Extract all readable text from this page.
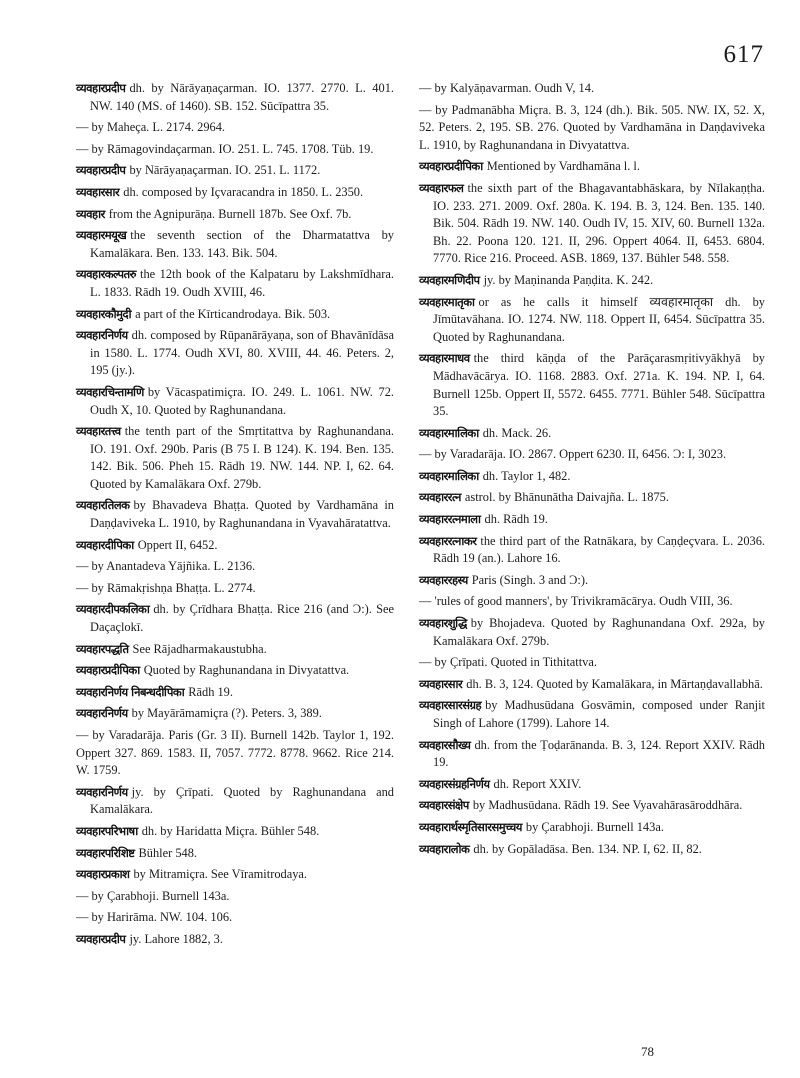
617

व्यवहारप्रदीप dh. by Nārāyaṇaçarman. IO. 1377. 2770. L. 401. NW. 140 (MS. of 1460). SB. 152. Sūcīpattra 35.

— by Maheça. L. 2174. 2964.

— by Rāmagovindaçarman. IO. 251. L. 745. 1708. Tüb. 19.

व्यवहारप्रदीप by Nārāyaṇaçarman. IO. 251. L. 1172.

व्यवहारसार dh. composed by Içvaracandra in 1850. L. 2350.

व्यवहार from the Agnipurāṇa. Burnell 187b. See Oxf. 7b.

व्यवहारमयूख the seventh section of the Dharmatattva by Kamalākara. Ben. 133. 143. Bik. 504.

व्यवहारकल्पतरु the 12th book of the Kalpataru by Lakshmīdhara. L. 1833. Rādh 19. Oudh XVIII, 46.

व्यवहारकौमुदी a part of the Kīrticandrodaya. Bik. 503.

व्यवहारनिर्णय dh. composed by Rūpanārāyaṇa, son of Bhavānīdāsa in 1580. L. 1774. Oudh XVI, 80. XVIII, 44. 46. Peters. 2, 195 (jy.).

व्यवहारचिन्तामणि by Vācaspatimiçra. IO. 249. L. 1061. NW. 72. Oudh X, 10. Quoted by Raghunandana.

व्यवहारतत्त्व the tenth part of the Smṛtitattva by Raghunandana. IO. 191. Oxf. 290b. Paris (B 75 I. B 124). K. 194. Ben. 135. 142. Bik. 506. Pheh 15. Rādh 19. NW. 144. NP. I, 62. 64. Quoted by Kamalākara Oxf. 279b.

व्यवहारतिलक by Bhavadeva Bhaṭṭa. Quoted by Vardhamāna in Daṇḍaviveka L. 1910, by Raghunandana in Vyavahāratattva.

व्यवहारदीपिका Oppert II, 6452.

— by Anantadeva Yājñika. L. 2136.

— by Rāmakṛishṇa Bhaṭṭa. L. 2774.

व्यवहारदीपकलिका dh. by Çrīdhara Bhaṭṭa. Rice 216 (and Ɔ:). See Daçaçlokī.

व्यवहारपद्धति See Rājadharmakaustubha.

व्यवहारप्रदीपिका Quoted by Raghunandana in Divyatattva.

व्यवहारनिर्णय निबन्धदीपिका Rādh 19.

व्यवहारनिर्णय by Mayārāmamiçra (?). Peters. 3, 389.

— by Varadarāja. Paris (Gr. 3 II). Burnell 142b. Taylor 1, 192. Oppert 327. 869. 1583. II, 7057. 7772. 8778. 9662. Rice 214. W. 1759.

व्यवहारनिर्णय jy. by Çrīpati. Quoted by Raghunandana and Kamalākara.

व्यवहारपरिभाषा dh. by Haridatta Miçra. Bühler 548.

व्यवहारपरिशिष्ट Bühler 548.

व्यवहारप्रकाश by Mitramiçra. See Vīramitrodaya.

— by Çarabhoji. Burnell 143a.

— by Harirāma. NW. 104. 106.

व्यवहारप्रदीप jy. Lahore 1882, 3.

— by Kalyāṇavarman. Oudh V, 14.

— by Padmanābha Miçra. B. 3, 124 (dh.). Bik. 505. NW. IX, 52. X, 52. Peters. 2, 195. SB. 276. Quoted by Vardhamāna in Daṇḍaviveka L. 1910, by Raghunandana in Divyatattva.

व्यवहारप्रदीपिका Mentioned by Vardhamāna l. l.

व्यवहारफल the sixth part of the Bhagavantabhāskara, by Nīlakaṇṭha. IO. 233. 271. 2009. Oxf. 280a. K. 194. B. 3, 124. Ben. 135. 140. Bik. 504. Rādh 19. NW. 140. Oudh IV, 15. XIV, 60. Burnell 132a. Bh. 22. Poona 120. 121. II, 296. Oppert 4064. II, 6453. 6804. 7770. Rice 216. Proceed. ASB. 1869, 137. Bühler 548. 558.

व्यवहारमणिदीप jy. by Maṇinanda Paṇḍita. K. 242.

व्यवहारमातृका or as he calls it himself व्यवहारमातृका dh. by Jīmūtavāhana. IO. 1274. NW. 118. Oppert II, 6454. Sūcīpattra 35. Quoted by Raghunandana.

व्यवहारमाधव the third kāṇḍa of the Parāçarasmṛitivyākhyā by Mādhavācārya. IO. 1168. 2883. Oxf. 271a. K. 194. NP. I, 64. Burnell 125b. Oppert II, 5572. 6455. 7771. Bühler 548. Sūcīpattra 35.

व्यवहारमालिका dh. Mack. 26.

— by Varadarāja. IO. 2867. Oppert 6230. II, 6456. Ɔ: I, 3023.

व्यवहारमालिका dh. Taylor 1, 482.

व्यवहाररत्न astrol. by Bhānunātha Daivajña. L. 1875.

व्यवहाररत्नमाला dh. Rādh 19.

व्यवहाररत्नाकर the third part of the Ratnākara, by Caṇḍeçvara. L. 2036. Rādh 19 (an.). Lahore 16.

व्यवहाररहस्य Paris (Singh. 3 and Ɔ:).

— 'rules of good manners', by Trivikramācārya. Oudh VIII, 36.

व्यवहारशुद्धि by Bhojadeva. Quoted by Raghunandana Oxf. 292a, by Kamalākara Oxf. 279b.

— by Çrīpati. Quoted in Tithitattva.

व्यवहारसार dh. B. 3, 124. Quoted by Kamalākara, in Mārtaṇḍavallabhā.

व्यवहारसारसंग्रह by Madhusūdana Gosvāmin, composed under Ranjit Singh of Lahore (1799). Lahore 14.

व्यवहारसौख्य dh. from the Ṭoḍarānanda. B. 3, 124. Report XXIV. Rādh 19.

व्यवहारसंग्रहनिर्णय dh. Report XXIV.

व्यवहारसंक्षेप by Madhusūdana. Rādh 19. See Vyavahārasāroddhāra.

व्यवहारार्थस्मृतिसारसमुच्चय by Çarabhoji. Burnell 143a.

व्यवहारालोक dh. by Gopāladāsa. Ben. 134. NP. I, 62. II, 82.

78
